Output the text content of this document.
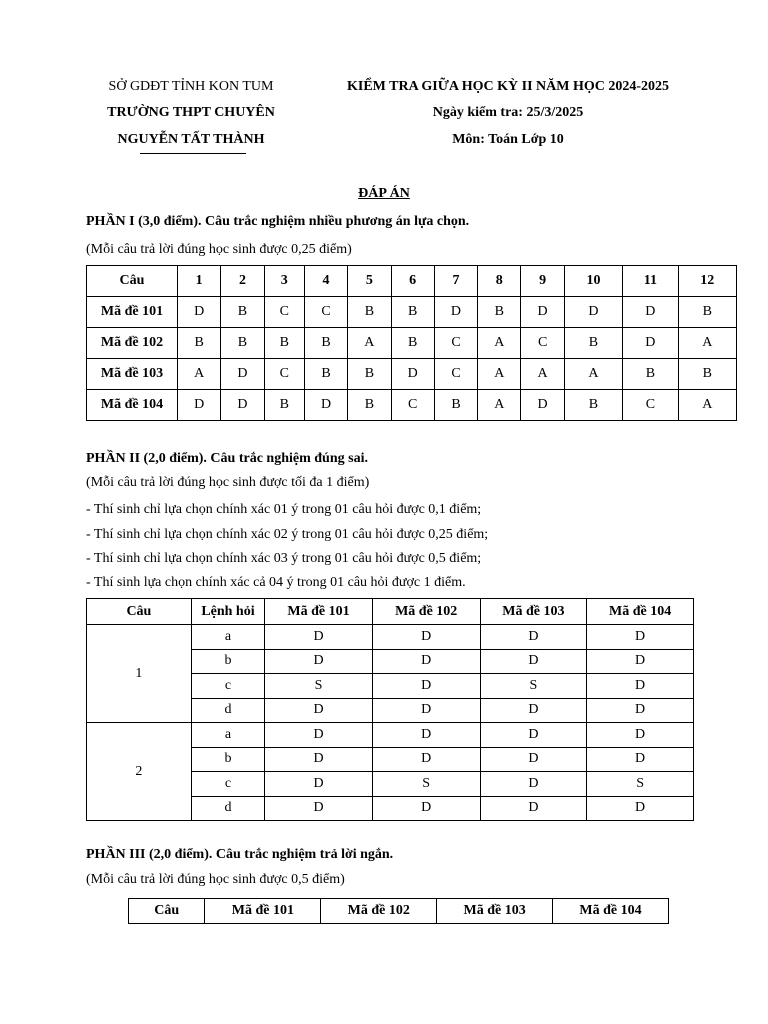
SỞ GDĐT TỈNH KON TUM
TRƯỜNG THPT CHUYÊN
NGUYỄN TẤT THÀNH
KIỂM TRA GIỮA HỌC KỲ II NĂM HỌC 2024-2025
Ngày kiểm tra: 25/3/2025
Môn: Toán Lớp 10
ĐÁP ÁN
PHẦN I (3,0 điểm). Câu trắc nghiệm nhiều phương án lựa chọn.
(Mỗi câu trả lời đúng học sinh được 0,25 điểm)
Câu	1	2	3	4	5	6	7	8	9	10	11	12
Mã đề 101	D	B	C	C	B	B	D	B	D	D	D	B
Mã đề 102	B	B	B	B	A	B	C	A	C	B	D	A
Mã đề 103	A	D	C	B	B	D	C	A	A	A	B	B
Mã đề 104	D	D	B	D	B	C	B	A	D	B	C	A
PHẦN II (2,0 điểm). Câu trắc nghiệm đúng sai.
(Mỗi câu trả lời đúng học sinh được tối đa 1 điểm)
- Thí sinh chỉ lựa chọn chính xác 01 ý trong 01 câu hỏi được 0,1 điểm;
- Thí sinh chỉ lựa chọn chính xác 02 ý trong 01 câu hỏi được 0,25 điểm;
- Thí sinh chỉ lựa chọn chính xác 03 ý trong 01 câu hỏi được 0,5 điểm;
- Thí sinh lựa chọn chính xác cả 04 ý trong 01 câu hỏi được 1 điểm.
Câu	Lệnh hỏi	Mã đề 101	Mã đề 102	Mã đề 103	Mã đề 104
1	a	D	D	D	D
	b	D	D	D	D
	c	S	D	S	D
	d	D	D	D	D
2	a	D	D	D	D
	b	D	D	D	D
	c	D	S	D	S
	d	D	D	D	D
PHẦN III (2,0 điểm). Câu trắc nghiệm trả lời ngắn.
(Mỗi câu trả lời đúng học sinh được 0,5 điểm)
Câu	Mã đề 101	Mã đề 102	Mã đề 103	Mã đề 104
